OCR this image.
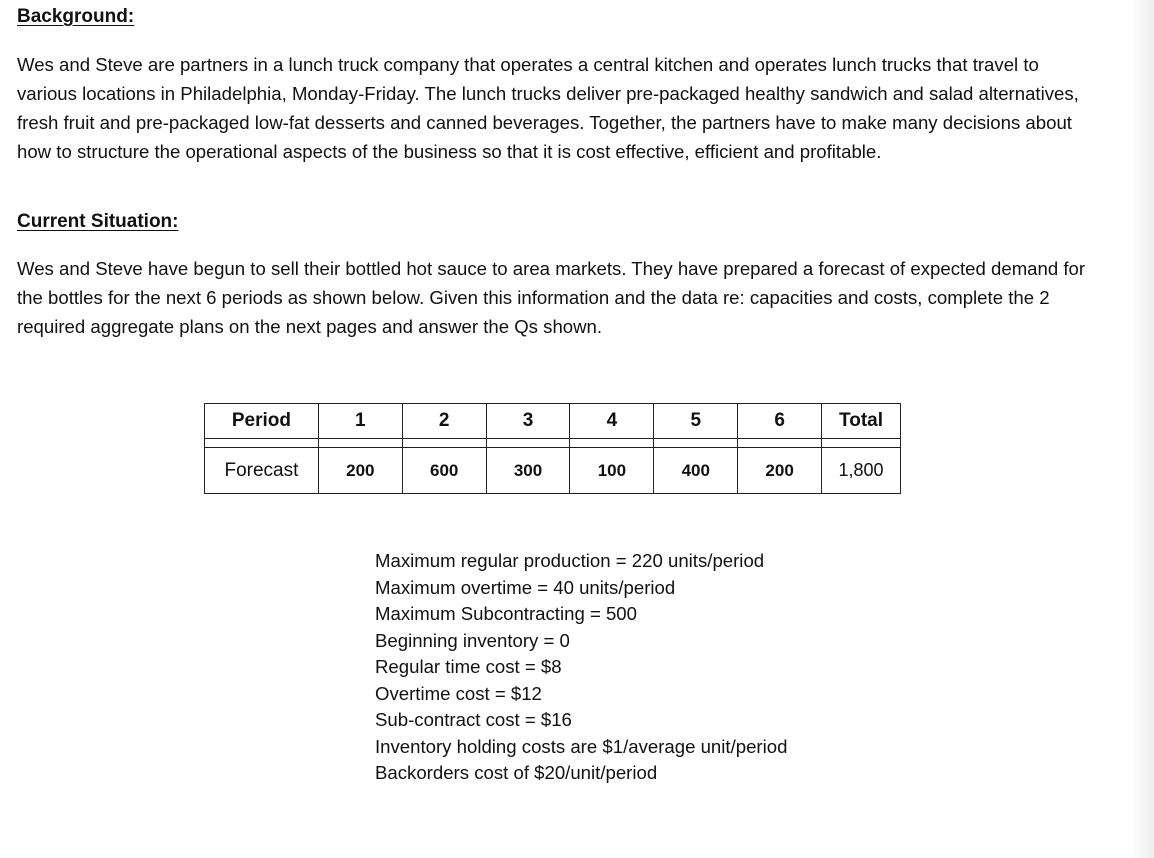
Background:

Wes and Steve are partners in a lunch truck company that operates a central kitchen and operates lunch trucks that travel to various locations in Philadelphia, Monday-Friday. The lunch trucks deliver pre-packaged healthy sandwich and salad alternatives, fresh fruit and pre-packaged low-fat desserts and canned beverages. Together, the partners have to make many decisions about how to structure the operational aspects of the business so that it is cost effective, efficient and profitable.

Current Situation:

Wes and Steve have begun to sell their bottled hot sauce to area markets. They have prepared a forecast of expected demand for the bottles for the next 6 periods as shown below. Given this information and the data re: capacities and costs, complete the 2 required aggregate plans on the next pages and answer the Qs shown.

Period	1	2	3	4	5	6	Total

Forecast	200	600	300	100	400	200	1,800
Maximum regular production = 220 units/period
Maximum overtime = 40 units/period
Maximum Subcontracting = 500
Beginning inventory = 0
Regular time cost = $8
Overtime cost = $12
Sub-contract cost = $16
Inventory holding costs are $1/average unit/period
Backorders cost of $20/unit/period
